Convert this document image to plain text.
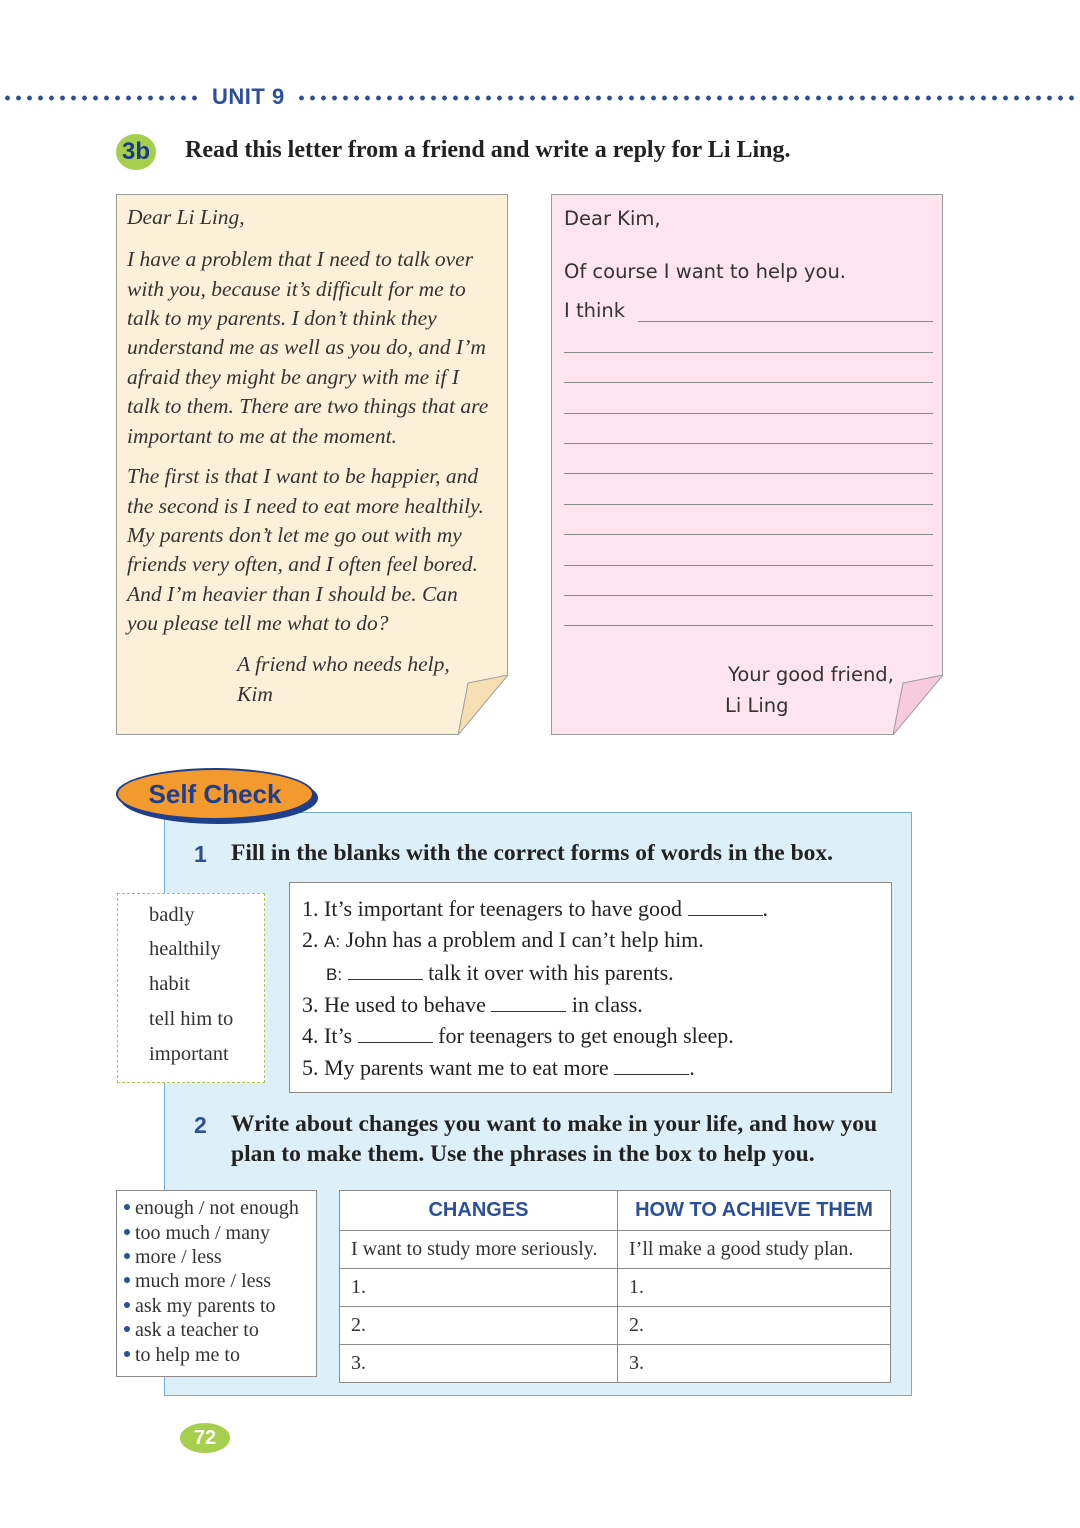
UNIT 9
3b Read this letter from a friend and write a reply for Li Ling.
Dear Li Ling,
I have a problem that I need to talk over
with you, because it’s difficult for me to
talk to my parents. I don’t think they
understand me as well as you do, and I’m
afraid they might be angry with me if I
talk to them. There are two things that are
important to me at the moment.
The first is that I want to be happier, and
the second is I need to eat more healthily.
My parents don’t let me go out with my
friends very often, and I often feel bored.
And I’m heavier than I should be. Can
you please tell me what to do?
A friend who needs help,
Kim
Dear Kim,
Of course I want to help you.
I think
Your good friend,
Li Ling
Self Check
1 Fill in the blanks with the correct forms of words in the box.
badly
healthily
habit
tell him to
important
1. It’s important for teenagers to have good	.
2. A: John has a problem and I can’t help him.
B:	talk it over with his parents.
3. He used to behave	in class.
4. It’s	for teenagers to get enough sleep.
5. My parents want me to eat more	.
2 Write about changes you want to make in your life, and how you
plan to make them. Use the phrases in the box to help you.
enough / not enough
too much / many
more / less
much more / less
ask my parents to
ask a teacher to
to help me to
CHANGES	HOW TO ACHIEVE THEM
I want to study more seriously.	I’ll make a good study plan.
1.	1.
2.	2.
3.	3.
72
